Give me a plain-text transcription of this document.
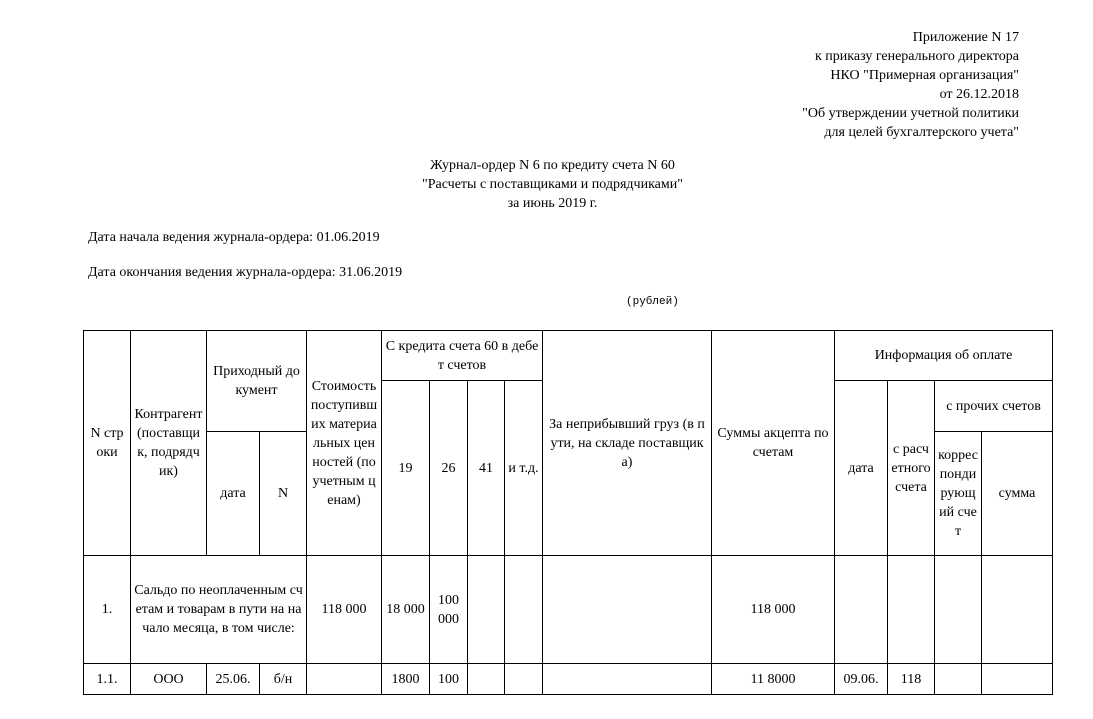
Приложение N 17
к приказу генерального директора
НКО "Примерная организация"
от 26.12.2018
"Об утверждении учетной политики
для целей бухгалтерского учета"
Журнал-ордер N 6 по кредиту счета N 60
"Расчеты с поставщиками и подрядчиками"
за июнь 2019 г.
Дата начала ведения журнала-ордера: 01.06.2019
Дата окончания ведения журнала-ордера: 31.06.2019
(рублей)
N строки	Контрагент (поставщик, подрядчик)	Приходный документ		Стоимость поступивших материальных ценностей (по учетным ценам)	С кредита счета 60 в дебет счетов				За неприбывший груз (в пути, на складе поставщика)	Суммы акцепта по счетам	Информация об оплате			
					19	26	41	и т.д.			дата	с расчетного счета	с прочих счетов	
		дата	N										корреспондирующий счет	сумма
1.	Сальдо по неоплаченным счетам и товарам в пути на начало месяца, в том числе:			118 000	18 000	100 000				118 000				
1.1.	ООО	25.06.	б/н		1800	100				11 8000	09.06.	118		
